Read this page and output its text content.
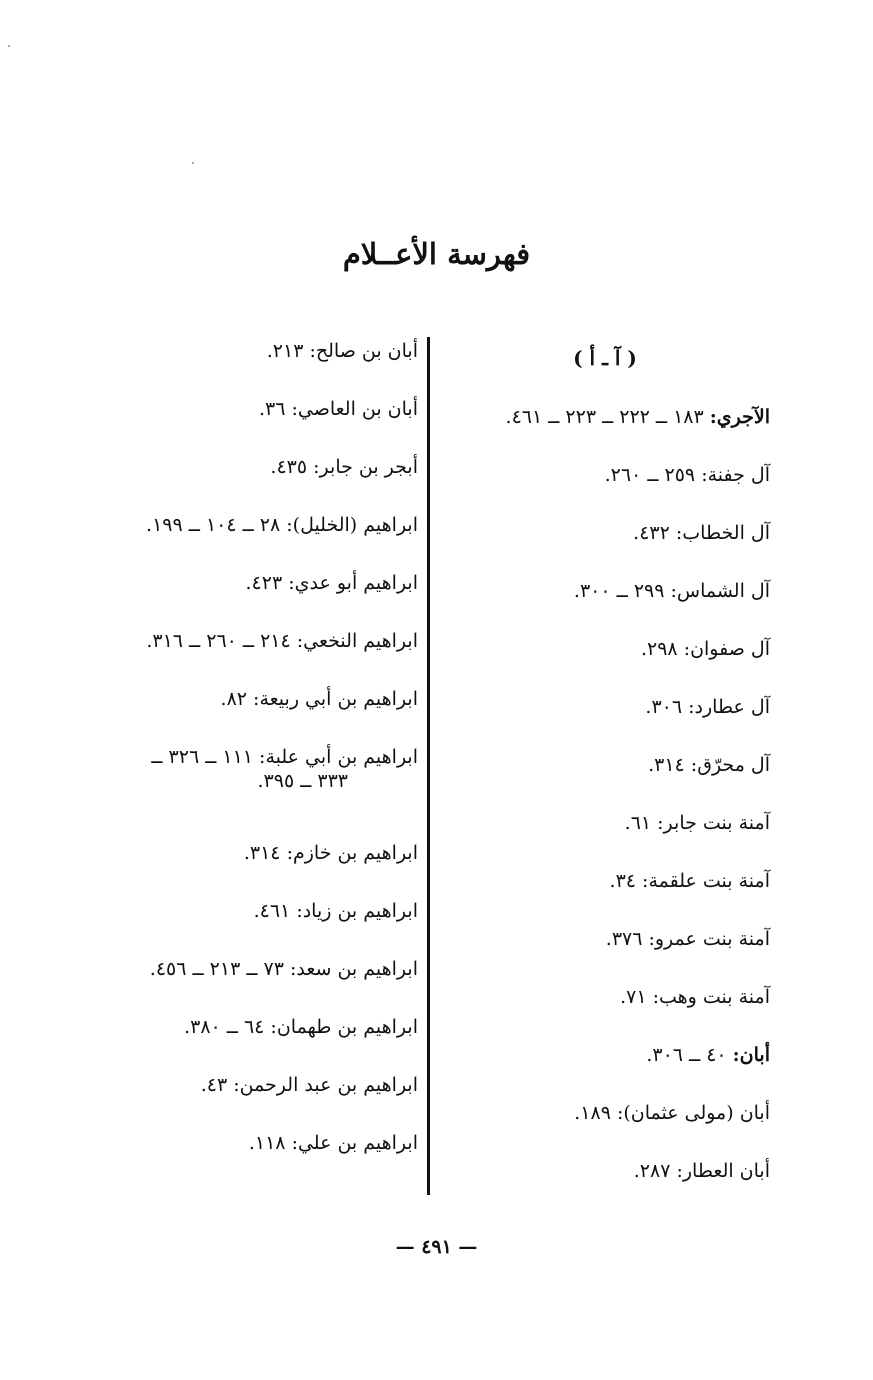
فهرسة الأعــلام
( آ ـ أ )
الآجري: ١٨٣ ــ ٢٢٢ ــ ٢٢٣ ــ ٤٦١.
آل جفنة: ٢٥٩ ــ ٢٦٠.
آل الخطاب: ٤٣٢.
آل الشماس: ٢٩٩ ــ ٣٠٠.
آل صفوان: ٢٩٨.
آل عطارد: ٣٠٦.
آل محرّق: ٣١٤.
آمنة بنت جابر: ٦١.
آمنة بنت علقمة: ٣٤.
آمنة بنت عمرو: ٣٧٦.
آمنة بنت وهب: ٧١.
أبان: ٤٠ ــ ٣٠٦.
أبان (مولى عثمان): ١٨٩.
أبان العطار: ٢٨٧.
أبان بن صالح: ٢١٣.
أبان بن العاصي: ٣٦.
أبجر بن جابر: ٤٣٥.
ابراهيم (الخليل): ٢٨ ــ ١٠٤ ــ ١٩٩.
ابراهيم أبو عدي: ٤٢٣.
ابراهيم النخعي: ٢١٤ ــ ٢٦٠ ــ ٣١٦.
ابراهيم بن أبي ربيعة: ٨٢.
ابراهيم بن أبي علبة: ١١١ ــ ٣٢٦ ــ
٣٣٣ ــ ٣٩٥.
ابراهيم بن خازم: ٣١٤.
ابراهيم بن زياد: ٤٦١.
ابراهيم بن سعد: ٧٣ ــ ٢١٣ ــ ٤٥٦.
ابراهيم بن طهمان: ٦٤ ــ ٣٨٠.
ابراهيم بن عبد الرحمن: ٤٣.
ابراهيم بن علي: ١١٨.
— ٤٩١ —
